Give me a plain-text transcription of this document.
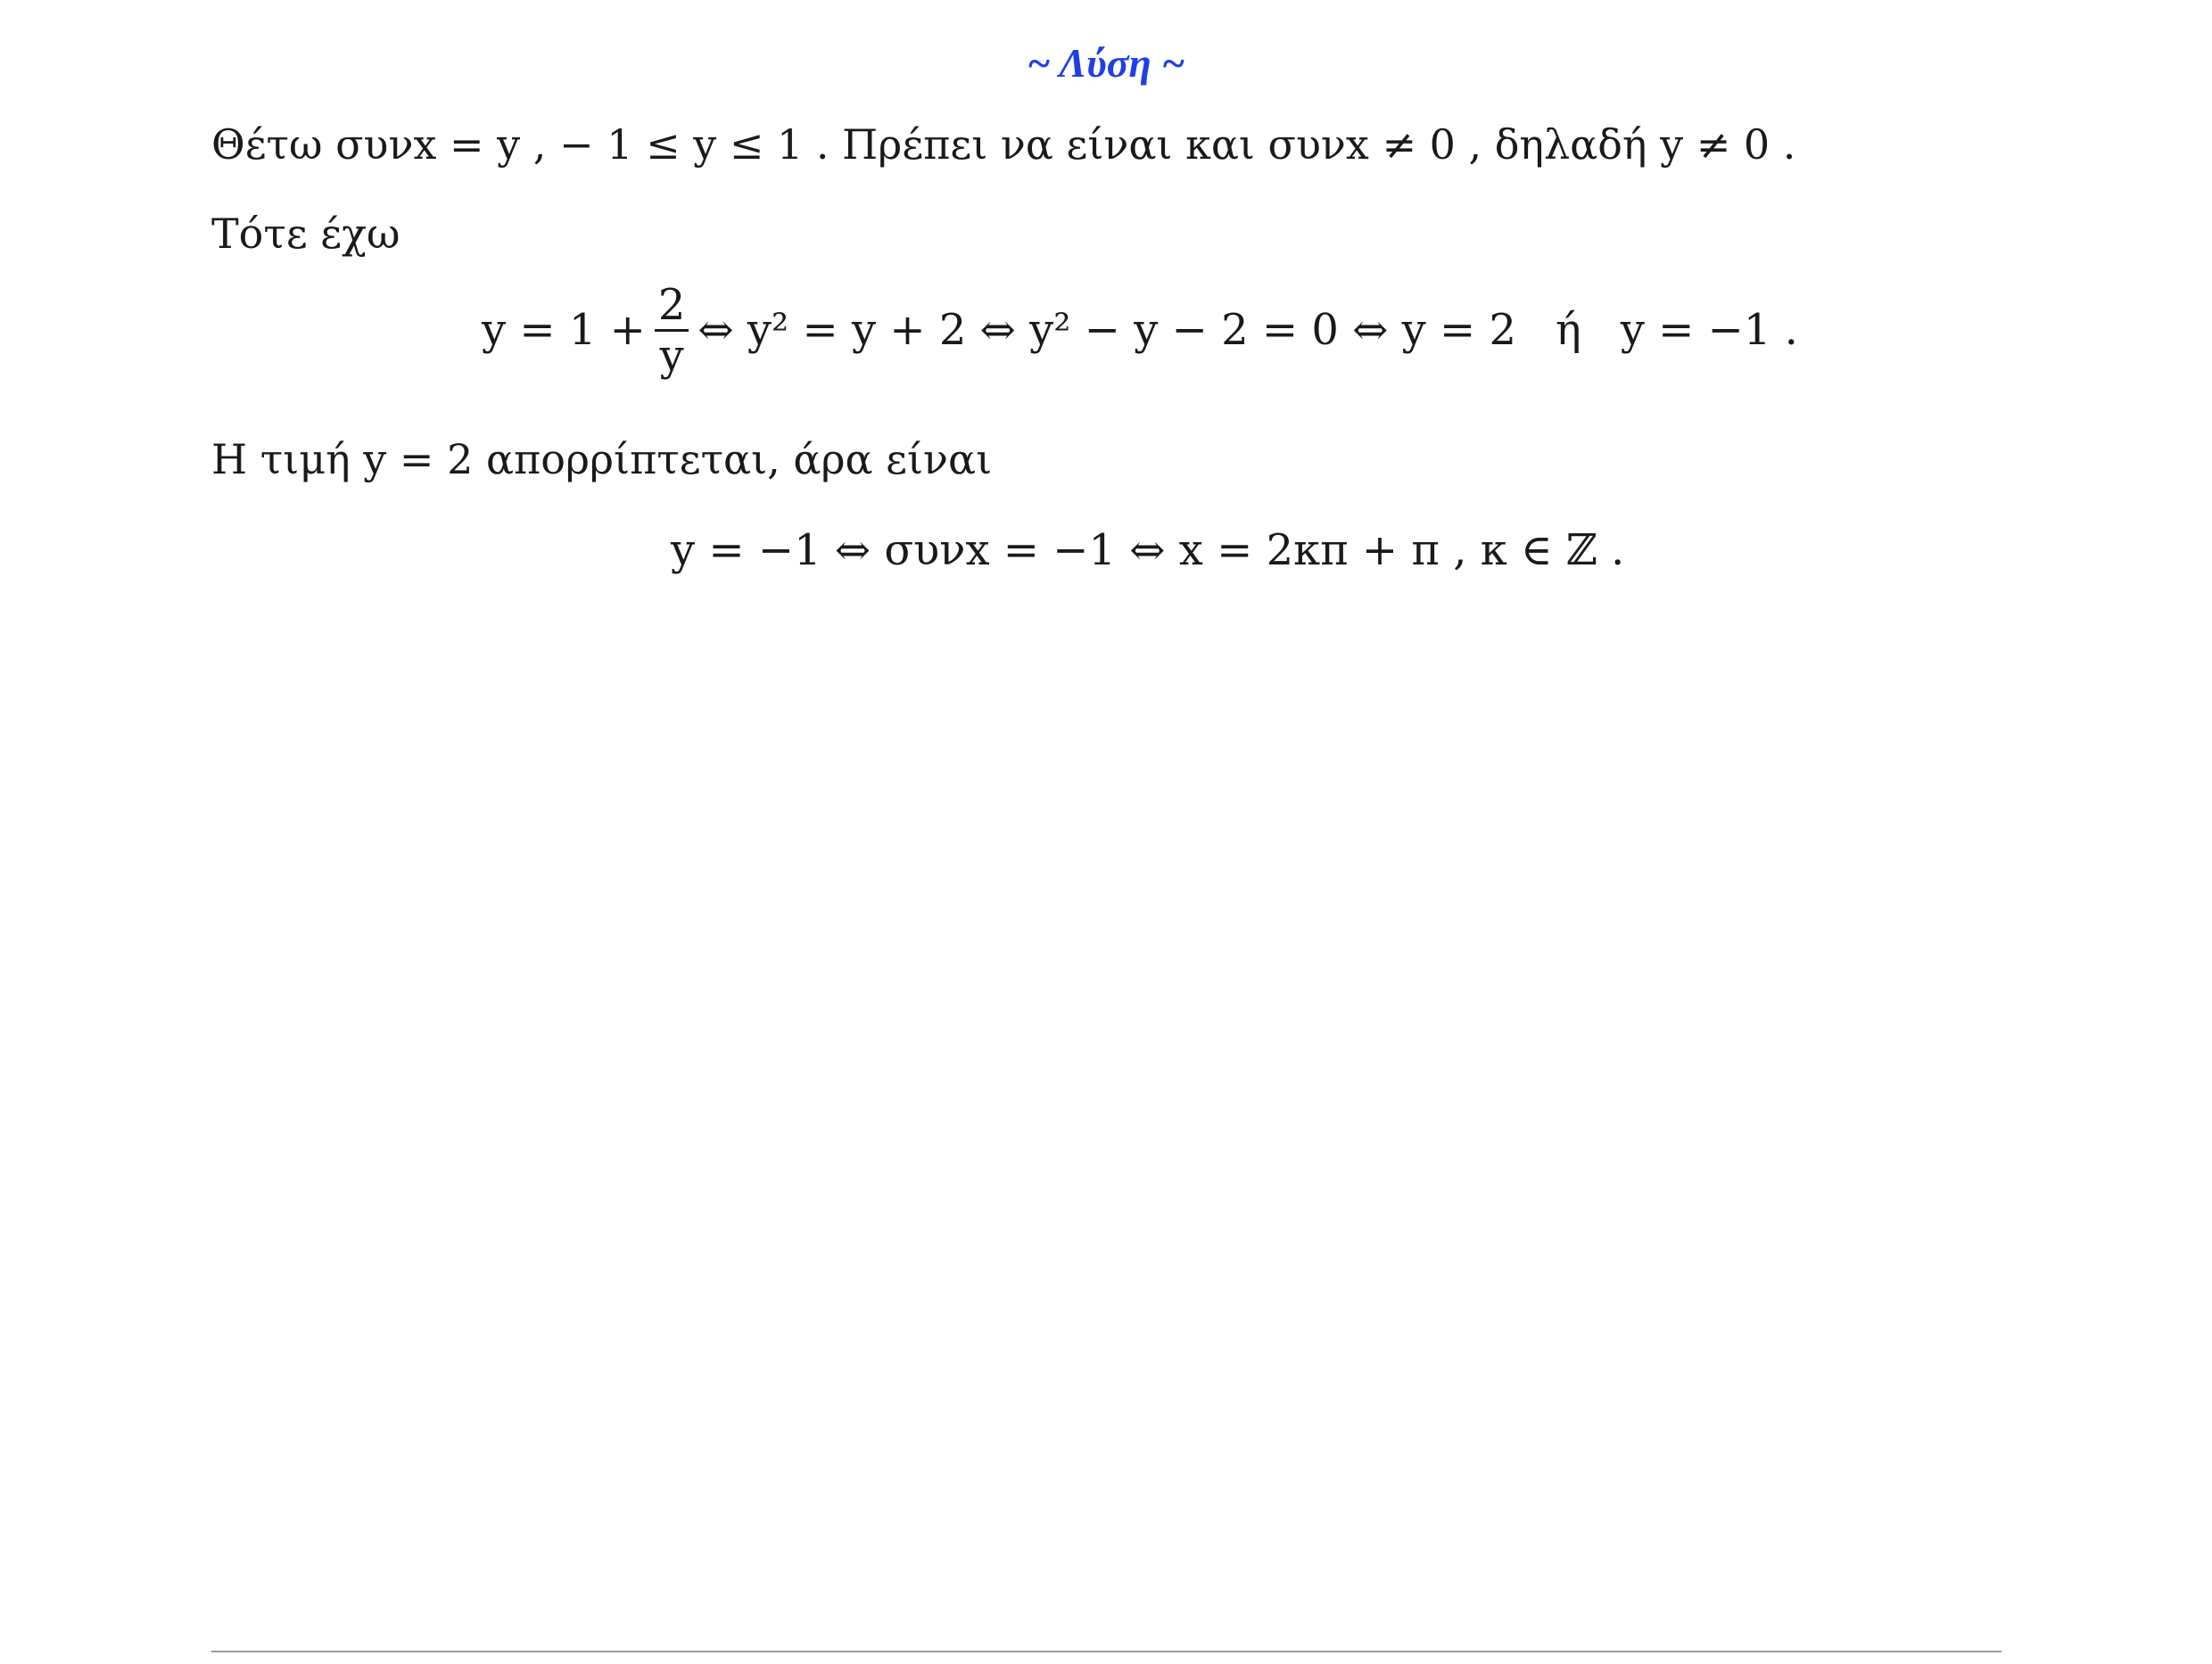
~ Λύση ~
Θέτω συνx = y , − 1 ≤ y ≤ 1 . Πρέπει να είναι και συνx ≠ 0 , δηλαδή y ≠ 0 .
Τότε έχω
$y = 1 + \frac{2}{y}$ ⇔ y² = y + 2 ⇔ y² − y − 2 = 0 ⇔ y = 2 ή y = −1 .
Η τιμή y = 2 απορρίπτεται, άρα είναι
y = −1 ⇔ συνx = −1 ⇔ x = 2κπ + π , κ ∈ ℤ .
